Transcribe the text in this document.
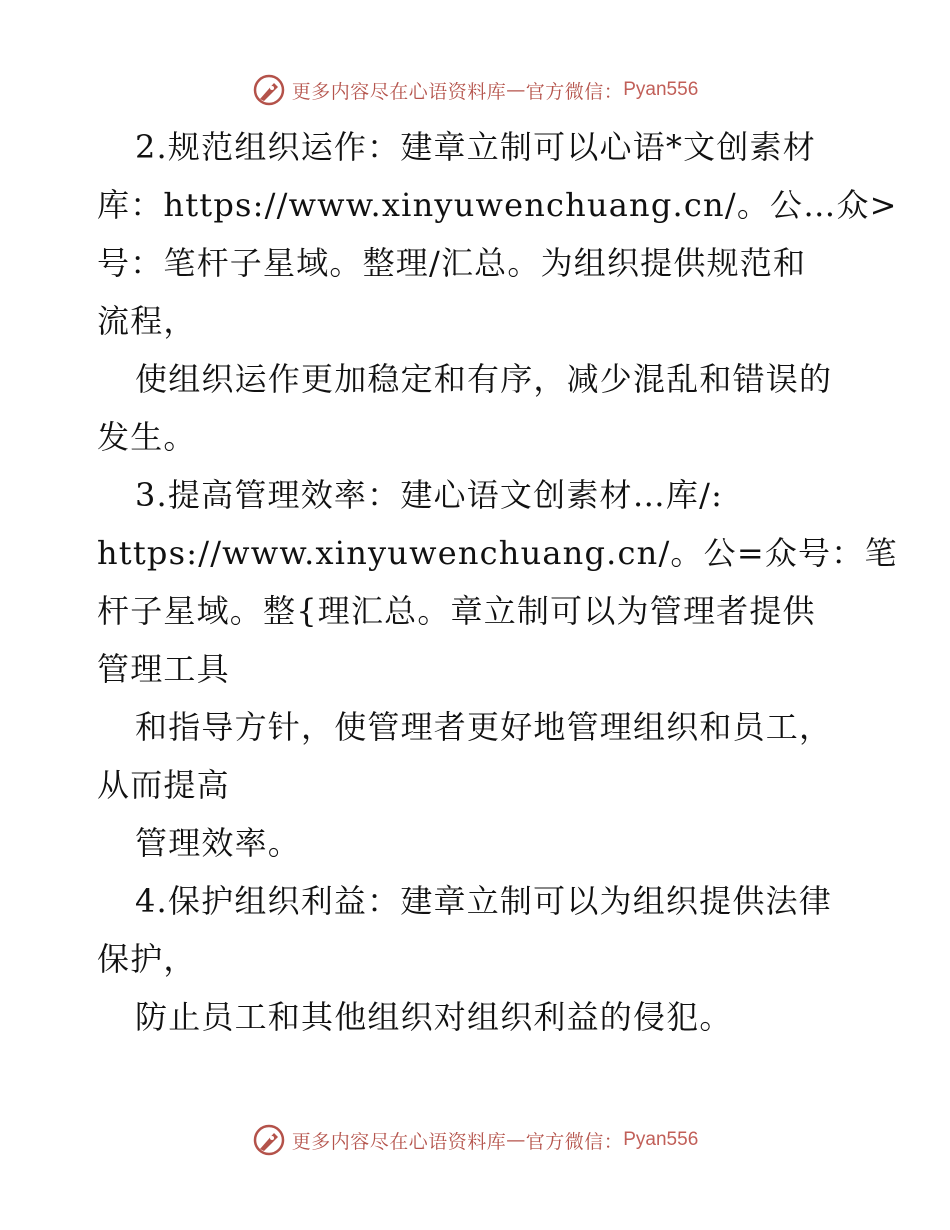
更多内容尽在心语资料库 — 官方微信： Pyan556
2.规范组织运作：建章立制可以心语*文创素材
库：https://www.xinyuwenchuang.cn/。公…众>
号：笔杆子星域。整理/汇总。为组织提供规范和
流程，
使组织运作更加稳定和有序，减少混乱和错误的
发生。
3.提高管理效率：建心语文创素材…库/:
https://www.xinyuwenchuang.cn/。公=众号：笔
杆子星域。整{理汇总。章立制可以为管理者提供
管理工具
和指导方针，使管理者更好地管理组织和员工，
从而提高
管理效率。
4.保护组织利益：建章立制可以为组织提供法律
保护，
防止员工和其他组织对组织利益的侵犯。
更多内容尽在心语资料库 — 官方微信： Pyan556
